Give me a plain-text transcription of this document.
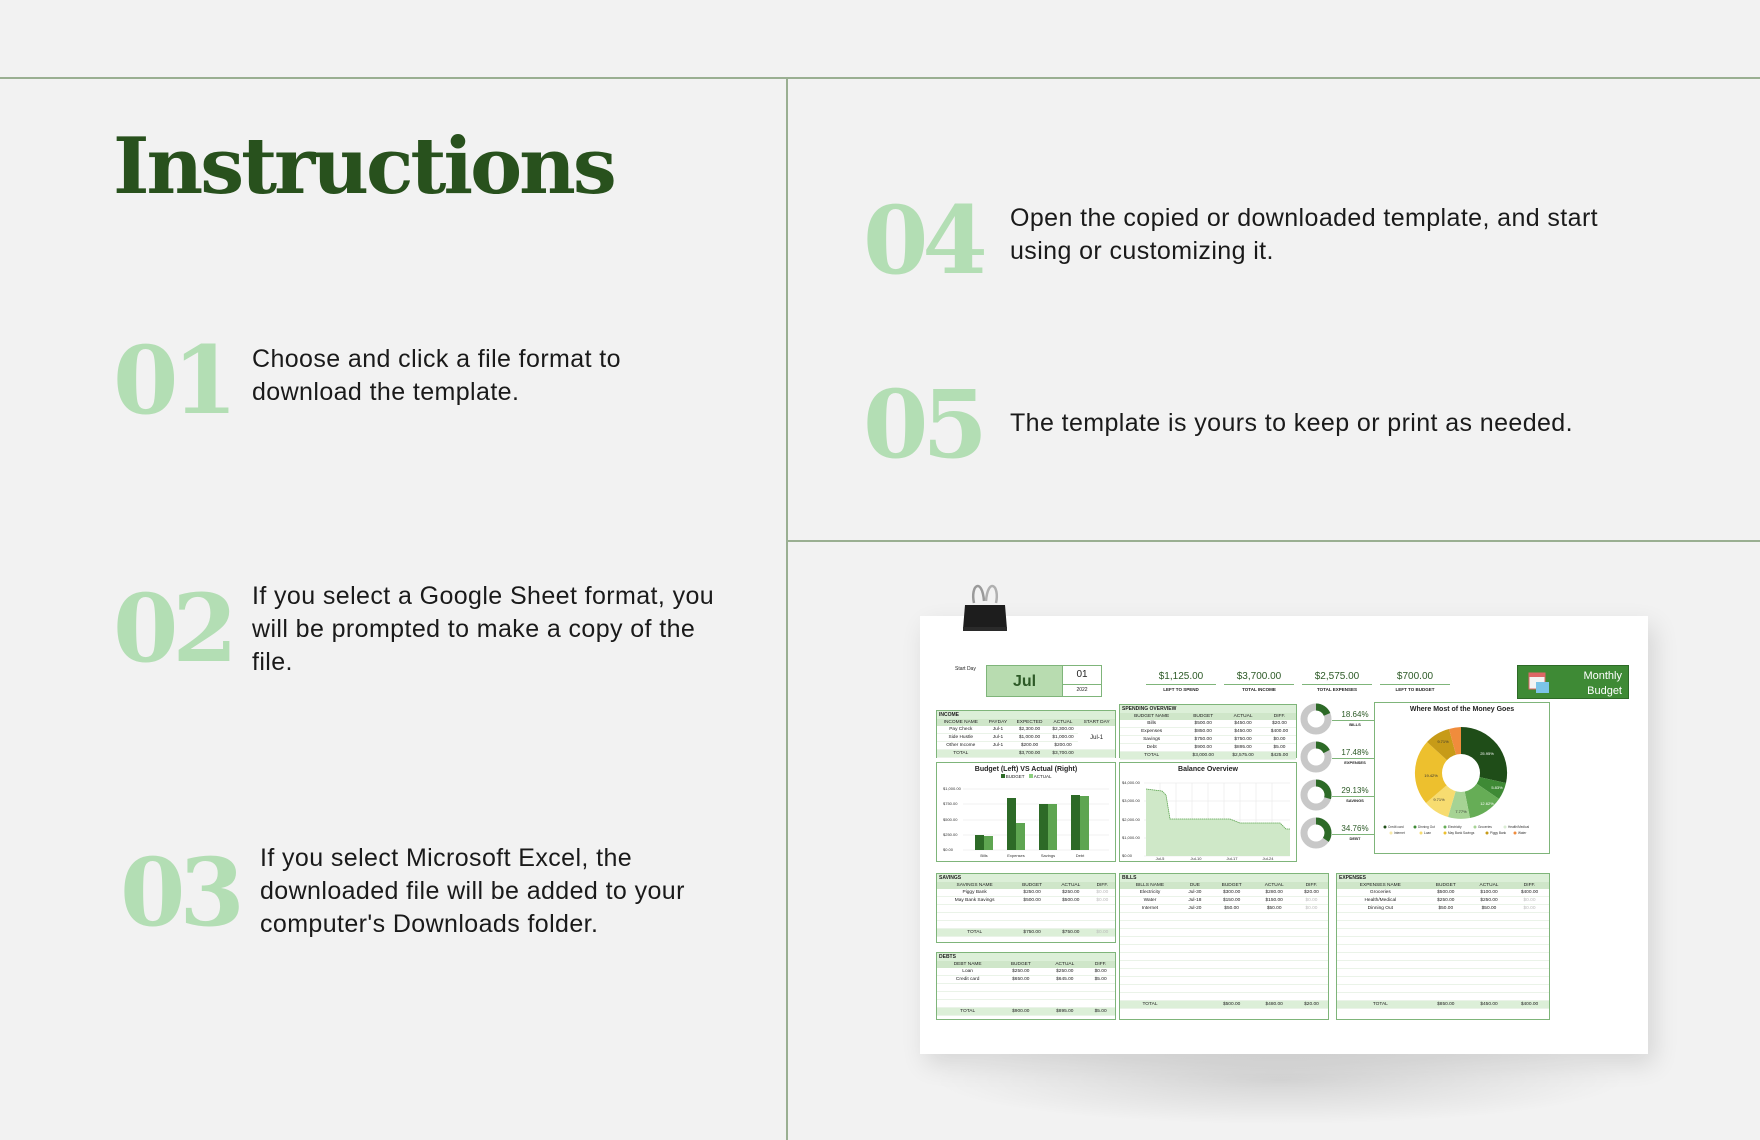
Instructions
01 Choose and click a file format to download the template.
02 If you select a Google Sheet format, you will be prompted to make a copy of the file.
03 If you select Microsoft Excel, the downloaded file will be added to your computer's Downloads folder.
04 Open the copied or downloaded template, and start using or customizing it.
05 The template is yours to keep or print as needed.
Start Day
Jul	01
2022
$1,125.00
LEFT TO SPEND
$3,700.00
TOTAL INCOME
$2,575.00
TOTAL EXPENSES
$700.00
LEFT TO BUDGET
Monthly
Budget
INCOME
INCOME NAME	PAYDAY	EXPECTED	ACTUAL	START DAY
Pay Check	Jul-1	$2,300.00	$2,300.00	Jul-1
Side Hustle	Jul-1	$1,000.00	$1,000.00	
Other Income	Jul-1	$200.00	$200.00	
TOTAL		$3,700.00	$3,700.00	
SPENDING OVERVIEW
BUDGET NAME	BUDGET	ACTUAL	DIFF.
Bills	$500.00	$450.00	$20.00
Expenses	$850.00	$450.00	$400.00
Savings	$750.00	$750.00	$0.00
Debt	$900.00	$895.00	$5.00
TOTAL	$3,000.00	$2,575.00	$425.00
18.64%
BILLS
17.48%
EXPENSES
29.13%
SAVINGS
34.76%
DEBT
Budget (Left) VS Actual (Right)
BUDGET ACTUAL
$1,000.00
$750.00
$500.00
$250.00
$0.00
Bills	Expenses	Savings	Debt
Balance Overview
$4,000.00
$3,000.00
$2,000.00
$1,000.00
$0.00
Jul-5	Jul-10	Jul-17	Jul-24
Where Most of the Money Goes
25.95%
5.83%
12.62%
7.77%
9.71%
19.42%
9.71%
Credit card	Dinning Out	Electricity	Groceries	Health/Medical
Internet	Loan	May Bank Savings	Piggy Bank	Water
SAVINGS
SAVINGS NAME	BUDGET	ACTUAL	DIFF.
Piggy Bank	$250.00	$250.00	$0.00
May Bank Savings	$500.00	$500.00	$0.00

TOTAL	$750.00	$750.00	$0.00
DEBTS
DEBT NAME	BUDGET	ACTUAL	DIFF.
Loan	$250.00	$250.00	$0.00
Credit card	$650.00	$645.00	$5.00

TOTAL	$900.00	$895.00	$5.00
BILLS
BILLS NAME	DUE	BUDGET	ACTUAL	DIFF.
Electricity	Jul-30	$300.00	$280.00	$20.00
Water	Jul-18	$150.00	$150.00	$0.00
Internet	Jul-20	$50.00	$50.00	$0.00

TOTAL		$500.00	$480.00	$20.00
EXPENSES
EXPENSES NAME	BUDGET	ACTUAL	DIFF.
Groceries	$500.00	$100.00	$400.00
Health/Medical	$250.00	$250.00	$0.00
Dinning Out	$50.00	$50.00	$0.00

TOTAL	$850.00	$450.00	$400.00
